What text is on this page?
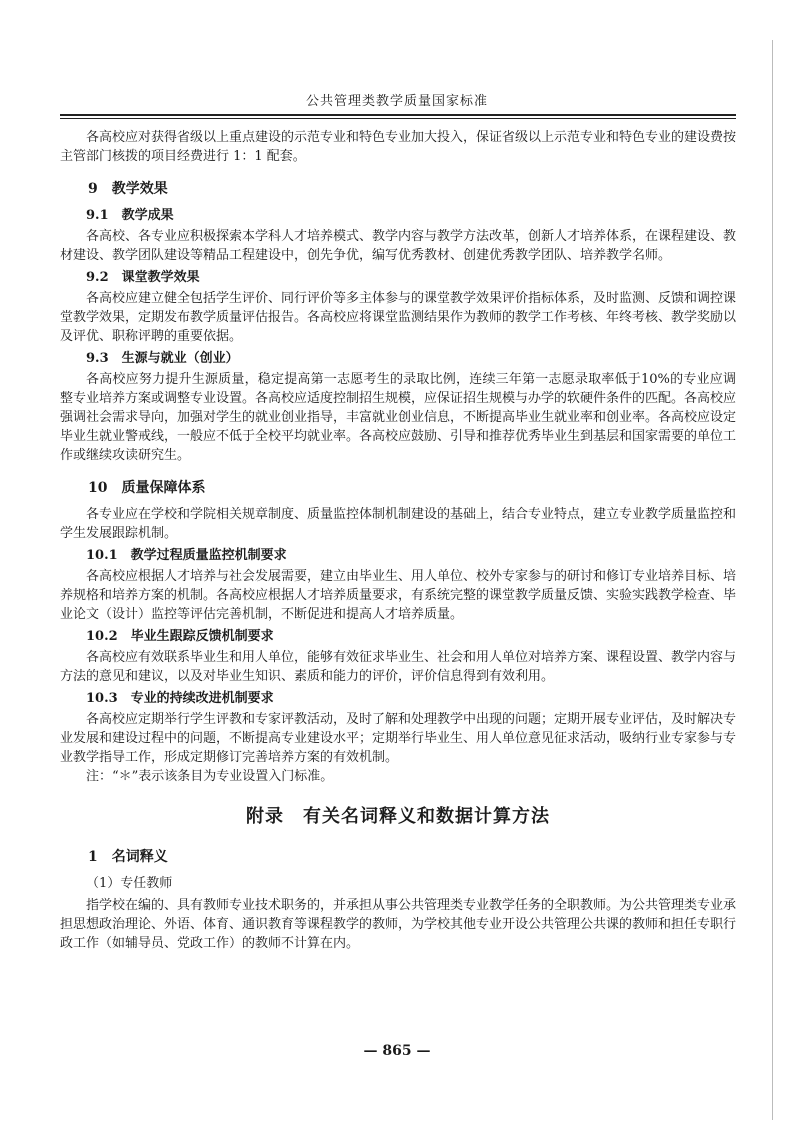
公共管理类教学质量国家标准

各高校应对获得省级以上重点建设的示范专业和特色专业加大投入，保证省级以上示范专业和特色专业的建设费按主管部门核拨的项目经费进行 1：1 配套。

9　教学效果
9.1　教学成果

各高校、各专业应积极探索本学科人才培养模式、教学内容与教学方法改革，创新人才培养体系，在课程建设、教材建设、教学团队建设等精品工程建设中，创先争优，编写优秀教材、创建优秀教学团队、培养教学名师。

9.2　课堂教学效果

各高校应建立健全包括学生评价、同行评价等多主体参与的课堂教学效果评价指标体系，及时监测、反馈和调控课堂教学效果，定期发布教学质量评估报告。各高校应将课堂监测结果作为教师的教学工作考核、年终考核、教学奖励以及评优、职称评聘的重要依据。

9.3　生源与就业（创业）

各高校应努力提升生源质量，稳定提高第一志愿考生的录取比例，连续三年第一志愿录取率低于10%的专业应调整专业培养方案或调整专业设置。各高校应适度控制招生规模，应保证招生规模与办学的软硬件条件的匹配。各高校应强调社会需求导向，加强对学生的就业创业指导，丰富就业创业信息，不断提高毕业生就业率和创业率。各高校应设定毕业生就业警戒线，一般应不低于全校平均就业率。各高校应鼓励、引导和推荐优秀毕业生到基层和国家需要的单位工作或继续攻读研究生。

10　质量保障体系

各专业应在学校和学院相关规章制度、质量监控体制机制建设的基础上，结合专业特点，建立专业教学质量监控和学生发展跟踪机制。

10.1　教学过程质量监控机制要求

各高校应根据人才培养与社会发展需要，建立由毕业生、用人单位、校外专家参与的研讨和修订专业培养目标、培养规格和培养方案的机制。各高校应根据人才培养质量要求，有系统完整的课堂教学质量反馈、实验实践教学检查、毕业论文（设计）监控等评估完善机制，不断促进和提高人才培养质量。

10.2　毕业生跟踪反馈机制要求

各高校应有效联系毕业生和用人单位，能够有效征求毕业生、社会和用人单位对培养方案、课程设置、教学内容与方法的意见和建议，以及对毕业生知识、素质和能力的评价，评价信息得到有效利用。

10.3　专业的持续改进机制要求

各高校应定期举行学生评教和专家评教活动，及时了解和处理教学中出现的问题；定期开展专业评估，及时解决专业发展和建设过程中的问题，不断提高专业建设水平；定期举行毕业生、用人单位意见征求活动，吸纳行业专家参与专业教学指导工作，形成定期修订完善培养方案的有效机制。

注：“＊”表示该条目为专业设置入门标准。

附录　有关名词释义和数据计算方法
1　名词释义
（1）专任教师

指学校在编的、具有教师专业技术职务的，并承担从事公共管理类专业教学任务的全职教师。为公共管理类专业承担思想政治理论、外语、体育、通识教育等课程教学的教师，为学校其他专业开设公共管理公共课的教师和担任专职行政工作（如辅导员、党政工作）的教师不计算在内。

— 865 —
